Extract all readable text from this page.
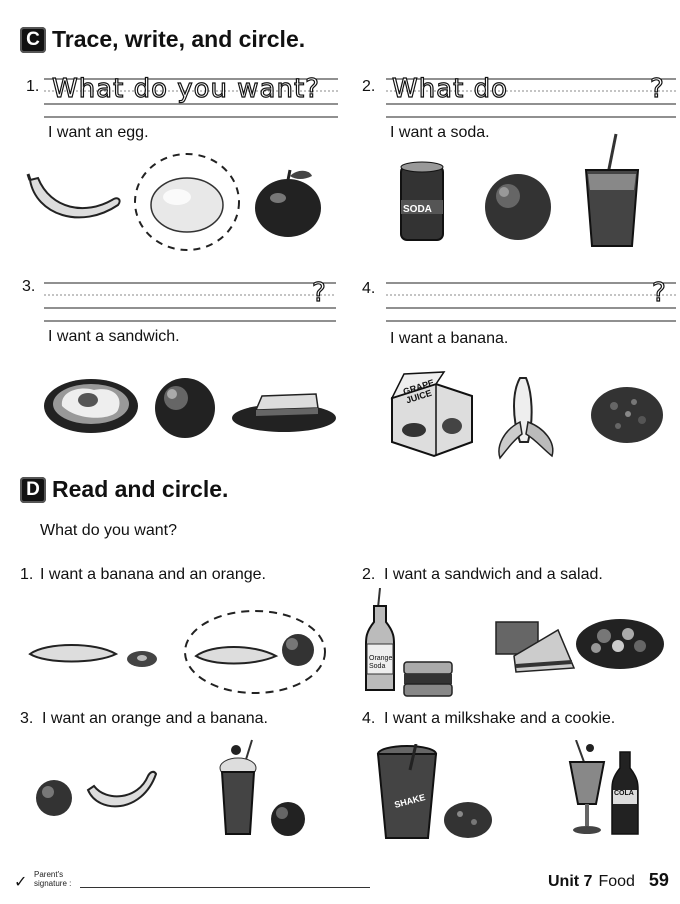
C Trace, write, and circle.
1. What do you want?
I want an egg.
2. What do	?
I want a soda.
SODA
3.	?
I want a sandwich.
4.	?
I want a banana.
GRAPE JUICE
D Read and circle.
What do you want?
1. I want a banana and an orange.	2. I want a sandwich and a salad.
Orange Soda
3. I want an orange and a banana.	4. I want a milkshake and a cookie.
SHAKE	COLA
✓ Parent's
signature :	Unit 7 Food 59
